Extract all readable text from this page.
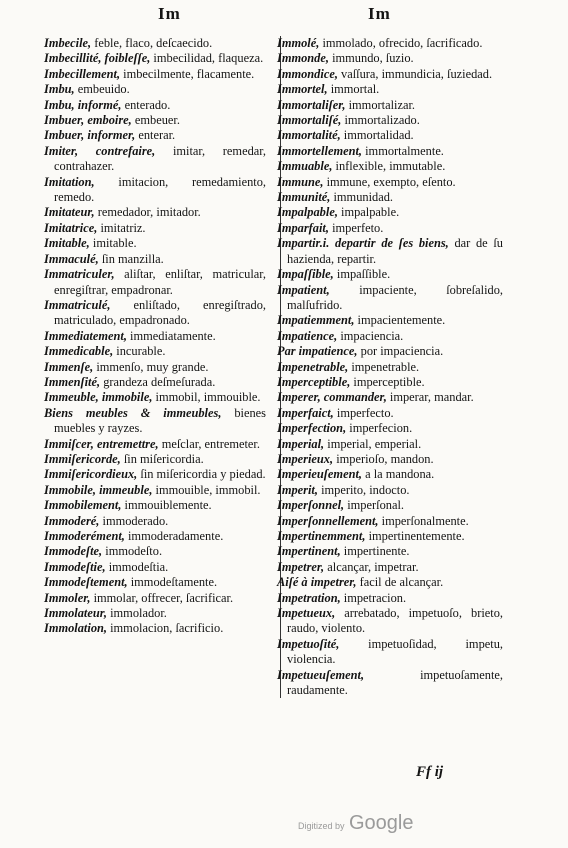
Im	Im

Imbecile, feble, flaco, deſcaecido.

Imbecillité, foibleſſe, imbecilidad, flaqueza.

Imbecillement, imbecilmente, flacamente.

Imbu, embeuido.

Imbu, informé, enterado.

Imbuer, emboire, embeuer.

Imbuer, informer, enterar.

Imiter, contrefaire, imitar, remedar, contrahazer.

Imitation, imitacion, remedamiento, remedo.

Imitateur, remedador, imitador.

Imitatrice, imitatriz.

Imitable, imitable.

Immaculé, ſin manzilla.

Immatriculer, aliſtar, enliſtar, matricular, enregiſtrar, empadronar.

Immatriculé, enliſtado, enregiſtrado, matriculado, empadronado.

Immediatement, immediatamente.

Immedicable, incurable.

Immenſe, immenſo, muy grande.

Immenſité, grandeza deſmeſurada.

Immeuble, immobile, immobil, immouible.

Biens meubles & immeubles, bienes muebles y rayzes.

Immiſcer, entremettre, meſclar, entremeter.

Immiſericorde, ſin miſericordia.

Immiſericordieux, ſin miſericordia y piedad.

Immobile, immeuble, immouible, immobil.

Immobilement, immouiblemente.

Immoderé, immoderado.

Immoderément, immoderadamente.

Immodeſte, immodeſto.

Immodeſtie, immodeſtia.

Immodeſtement, immodeſtamente.

Immoler, immolar, offrecer, ſacrificar.

Immolateur, immolador.

Immolation, immolacion, ſacrificio.

Immolé, immolado, ofrecido, ſacrificado.

Immonde, immundo, ſuzio.

Immondice, vaſſura, immundicia, ſuziedad.

Immortel, immortal.

Immortaliſer, immortalizar.

Immortaliſé, immortalizado.

Immortalité, immortalidad.

Immortellement, immortalmente.

Immuable, inflexible, immutable.

Immune, immune, exempto, eſento.

Immunité, immunidad.

Impalpable, impalpable.

Imparfait, imperfeto.

Impartir.i. departir de ſes biens, dar de ſu hazienda, repartir.

Impaſſible, impaſſible.

Impatient, impaciente, ſobreſalido, malſufrido.

Impatiemment, impacientemente.

Impatience, impaciencia.

Par impatience, por impaciencia.

Impenetrable, impenetrable.

Imperceptible, imperceptible.

Imperer, commander, imperar, mandar.

Imperfaict, imperfecto.

Imperfection, imperfecion.

Imperial, imperial, emperial.

Imperieux, imperioſo, mandon.

Imperieuſement, a la mandona.

Imperit, imperito, indocto.

Imperſonnel, imperſonal.

Imperſonnellement, imperſonalmente.

Impertinemment, impertinentemente.

Impertinent, impertinente.

Impetrer, alcançar, impetrar.

Aiſé à impetrer, facil de alcançar.

Impetration, impetracion.

Impetueux, arrebatado, impetuoſo, brieto, raudo, violento.

Impetuoſité, impetuoſidad, impetu, violencia.

Impetueuſement, impetuoſamente, raudamente.

Ff ij
Digitized by Google
